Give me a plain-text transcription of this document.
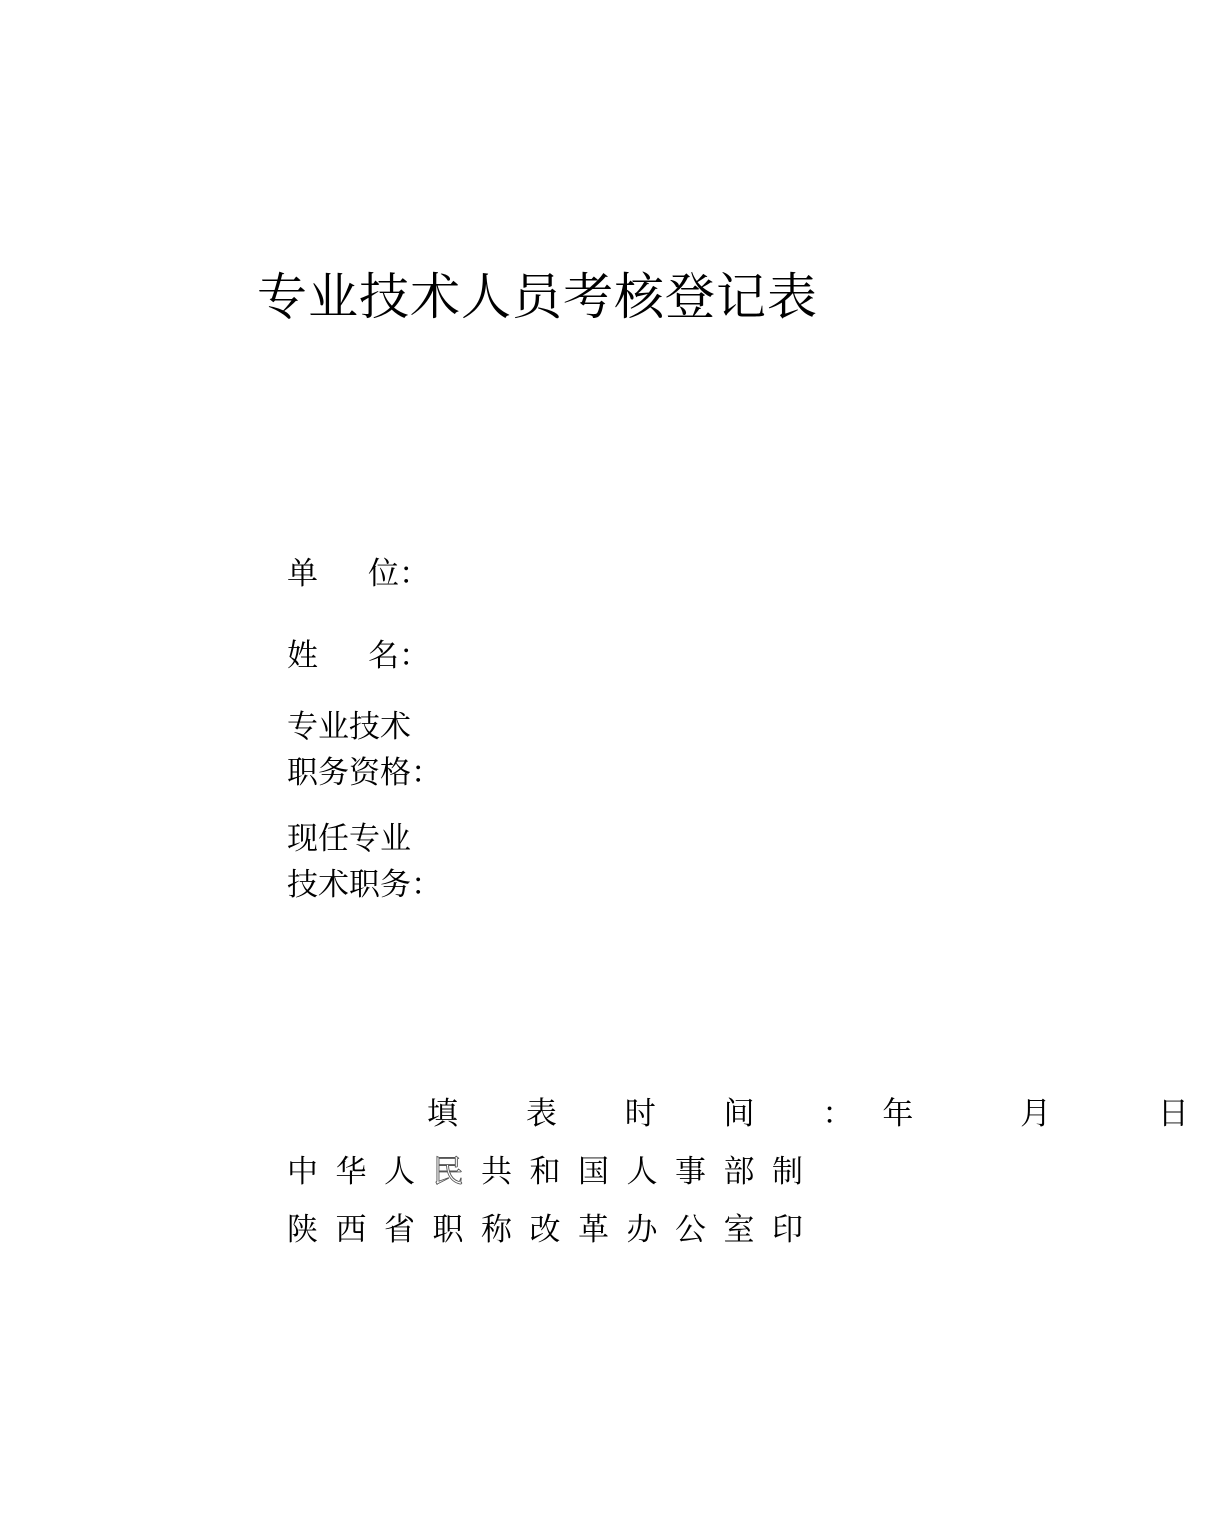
专业技术人员考核登记表
单 位：
姓 名：
专业技术
职务资格：
现任专业
技术职务：
填 表 时 间 ：年  月  日
中华人民共和国人事部制
陕西省职称改革办公室印
